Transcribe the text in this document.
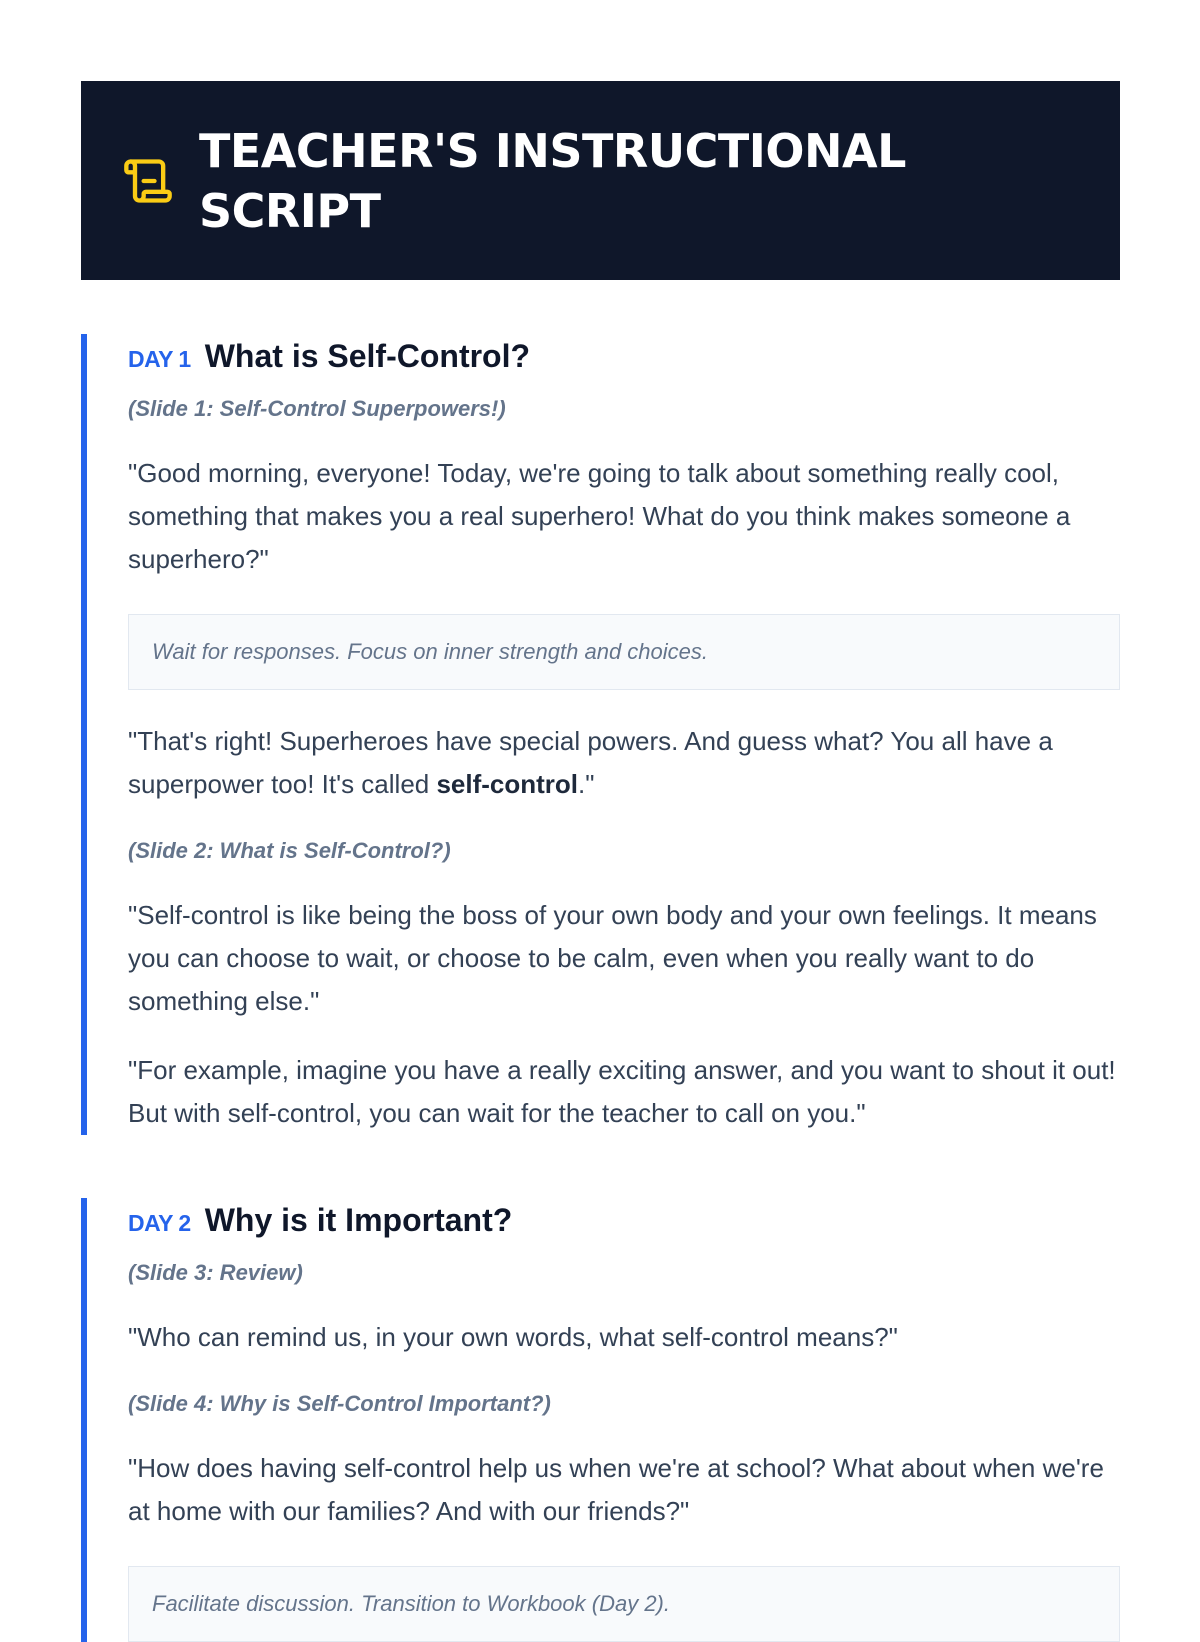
TEACHER'S INSTRUCTIONAL SCRIPT
DAY 1 What is Self-Control?
(Slide 1: Self-Control Superpowers!)

"Good morning, everyone! Today, we're going to talk about something really cool, something that makes you a real superhero! What do you think makes someone a superhero?"

Wait for responses. Focus on inner strength and choices.

"That's right! Superheroes have special powers. And guess what? You all have a superpower too! It's called self-control."

(Slide 2: What is Self-Control?)

"Self-control is like being the boss of your own body and your own feelings. It means you can choose to wait, or choose to be calm, even when you really want to do something else."

"For example, imagine you have a really exciting answer, and you want to shout it out! But with self-control, you can wait for the teacher to call on you."

DAY 2 Why is it Important?
(Slide 3: Review)

"Who can remind us, in your own words, what self-control means?"

(Slide 4: Why is Self-Control Important?)

"How does having self-control help us when we're at school? What about when we're at home with our families? And with our friends?"

Facilitate discussion. Transition to Workbook (Day 2).
